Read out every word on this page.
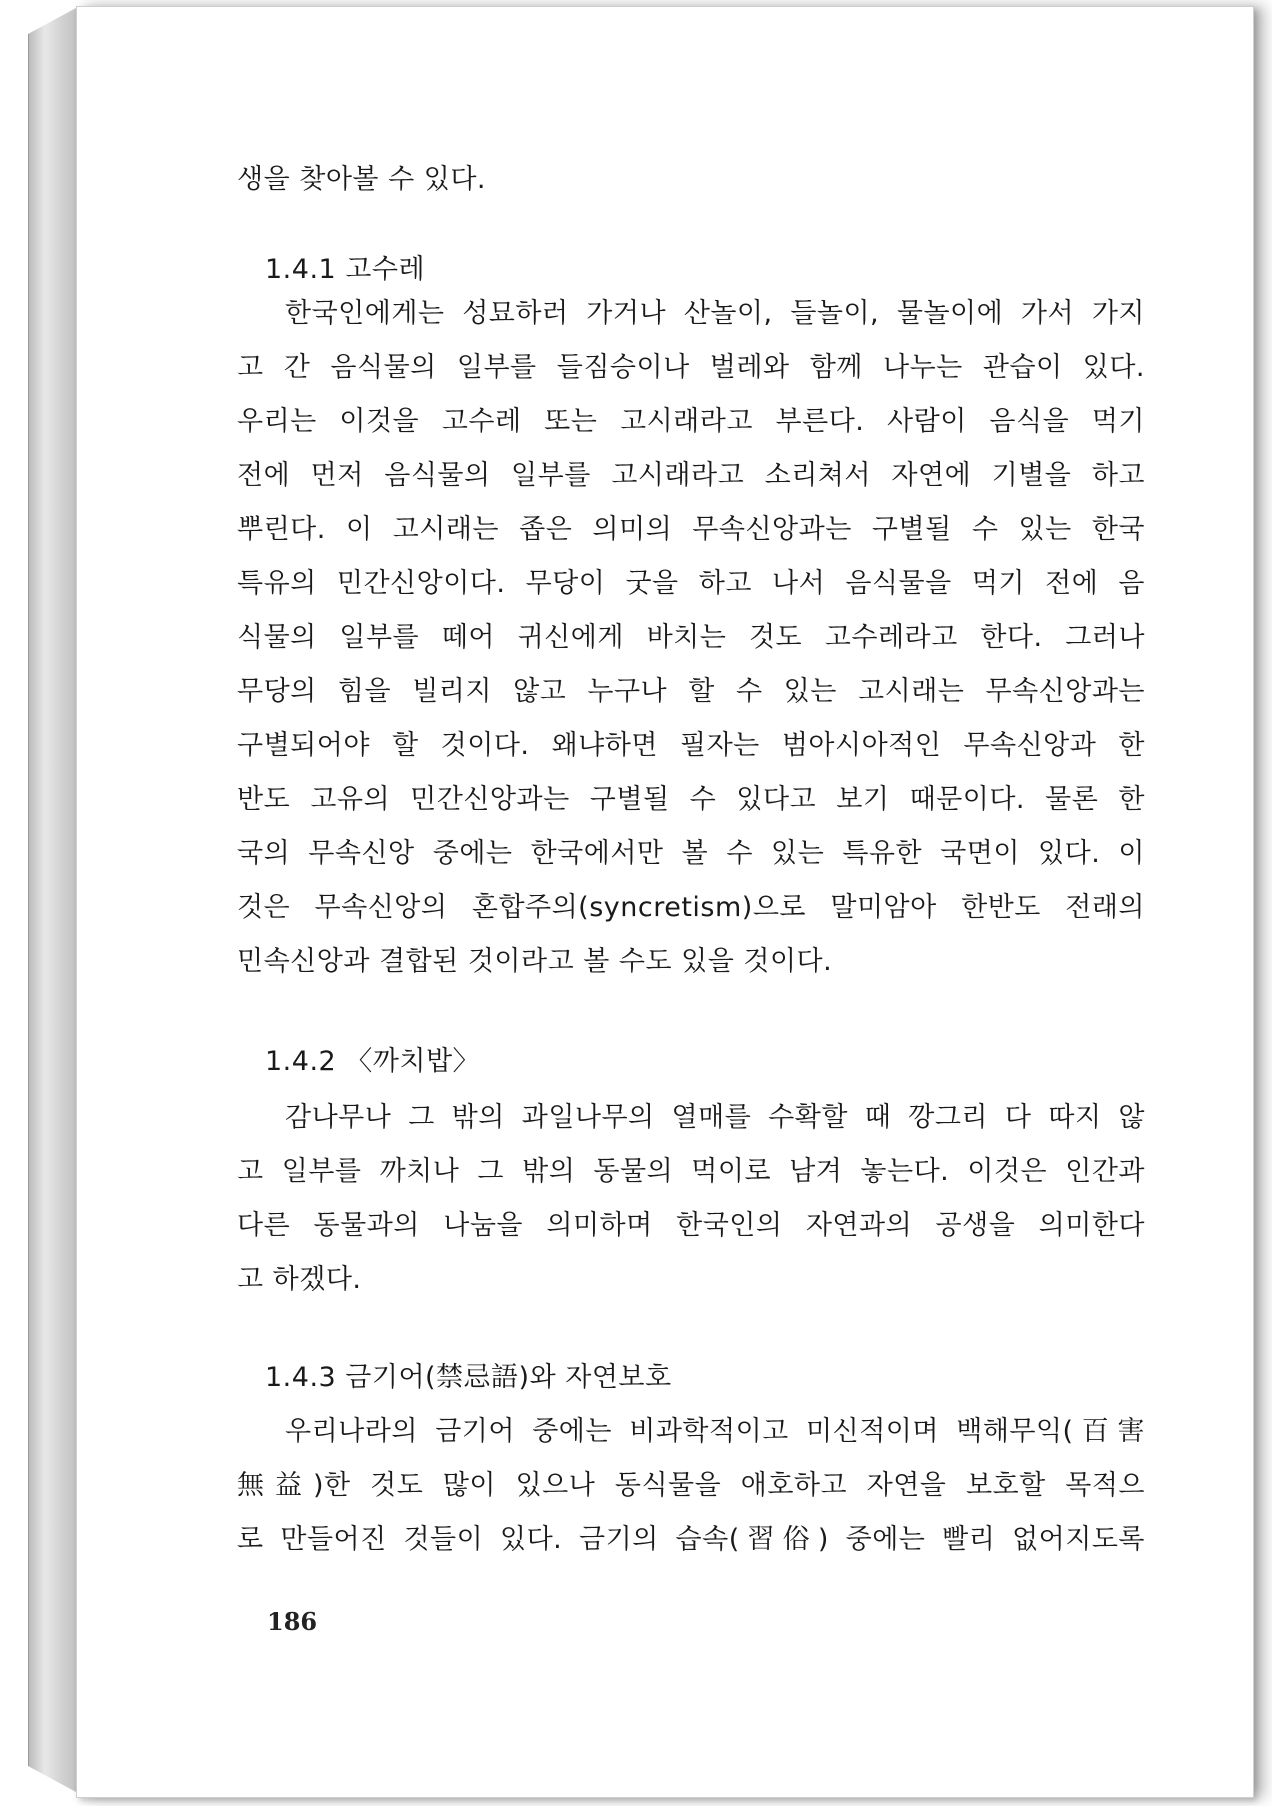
생을 찾아볼 수 있다.
1.4.1 고수레
한국인에게는 성묘하러 가거나 산놀이, 들놀이, 물놀이에 가서 가지
고 간 음식물의 일부를 들짐승이나 벌레와 함께 나누는 관습이 있다.
우리는 이것을 고수레 또는 고시래라고 부른다. 사람이 음식을 먹기
전에 먼저 음식물의 일부를 고시래라고 소리쳐서 자연에 기별을 하고
뿌린다. 이 고시래는 좁은 의미의 무속신앙과는 구별될 수 있는 한국
특유의 민간신앙이다. 무당이 굿을 하고 나서 음식물을 먹기 전에 음
식물의 일부를 떼어 귀신에게 바치는 것도 고수레라고 한다. 그러나
무당의 힘을 빌리지 않고 누구나 할 수 있는 고시래는 무속신앙과는
구별되어야 할 것이다. 왜냐하면 필자는 범아시아적인 무속신앙과 한
반도 고유의 민간신앙과는 구별될 수 있다고 보기 때문이다. 물론 한
국의 무속신앙 중에는 한국에서만 볼 수 있는 특유한 국면이 있다. 이
것은 무속신앙의 혼합주의(syncretism)으로 말미암아 한반도 전래의
민속신앙과 결합된 것이라고 볼 수도 있을 것이다.
1.4.2 〈까치밥〉
감나무나 그 밖의 과일나무의 열매를 수확할 때 깡그리 다 따지 않
고 일부를 까치나 그 밖의 동물의 먹이로 남겨 놓는다. 이것은 인간과
다른 동물과의 나눔을 의미하며 한국인의 자연과의 공생을 의미한다
고 하겠다.
1.4.3 금기어(禁忌語)와 자연보호
우리나라의 금기어 중에는 비과학적이고 미신적이며 백해무익(百害
無益)한 것도 많이 있으나 동식물을 애호하고 자연을 보호할 목적으
로 만들어진 것들이 있다. 금기의 습속(習俗) 중에는 빨리 없어지도록
186
